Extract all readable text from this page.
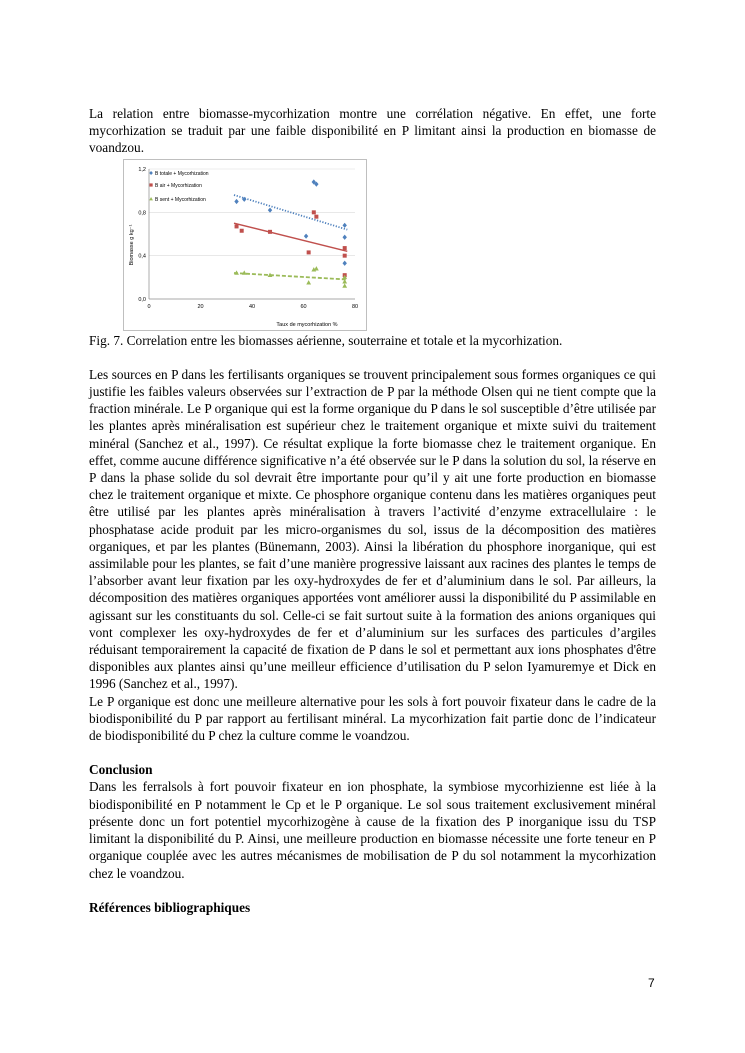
La relation entre biomasse-mycorhization montre une corrélation négative. En effet, une forte mycorhization se traduit par une faible disponibilité en P limitant ainsi la production en biomasse de voandzou.

0,0
0,4
0,8
1,2
0	20	40	60	80
B totale + Mycorhization
B air + Mycorhization
B sent + Mycorhization
Biomasse g kg⁻¹
Taux de mycorhization %

Fig. 7. Correlation entre les biomasses aérienne, souterraine et totale et la mycorhization.

Les sources en P dans les fertilisants organiques se trouvent principalement sous formes organiques ce qui justifie les faibles valeurs observées sur l’extraction de P par la méthode Olsen qui ne tient compte que la fraction minérale. Le P organique qui est la forme organique du P dans le sol susceptible d’être utilisée par les plantes après minéralisation est supérieur chez le traitement organique et mixte suivi du traitement minéral (Sanchez et al., 1997). Ce résultat explique la forte biomasse chez le traitement organique. En effet, comme aucune différence significative n’a été observée sur le P dans la solution du sol, la réserve en P dans la phase solide du sol devrait être importante pour qu’il y ait une forte production en biomasse chez le traitement organique et mixte. Ce phosphore organique contenu dans les matières organiques peut être utilisé par les plantes après minéralisation à travers l’activité d’enzyme extracellulaire : le phosphatase acide produit par les micro-organismes du sol, issus de la décomposition des matières organiques, et par les plantes (Bünemann, 2003). Ainsi la libération du phosphore inorganique, qui est assimilable pour les plantes, se fait d’une manière progressive laissant aux racines des plantes le temps de l’absorber avant leur fixation par les oxy-hydroxydes de fer et d’aluminium dans le sol. Par ailleurs, la décomposition des matières organiques apportées vont améliorer aussi la disponibilité du P assimilable en agissant sur les constituants du sol. Celle-ci se fait surtout suite à la formation des anions organiques qui vont complexer les oxy-hydroxydes de fer et d’aluminium sur les surfaces des particules d’argiles réduisant temporairement la capacité de fixation de P dans le sol et permettant aux ions phosphates d'être disponibles aux plantes ainsi qu’une meilleur efficience d’utilisation du P selon Iyamuremye et Dick en 1996 (Sanchez et al., 1997).

Le P organique est donc une meilleure alternative pour les sols à fort pouvoir fixateur dans le cadre de la biodisponibilité du P par rapport au fertilisant minéral. La mycorhization fait partie donc de l’indicateur de biodisponibilité du P chez la culture comme le voandzou.

Conclusion

Dans les ferralsols à fort pouvoir fixateur en ion phosphate, la symbiose mycorhizienne est liée à la biodisponibilité en P notamment le Cp et le P organique. Le sol sous traitement exclusivement minéral présente donc un fort potentiel mycorhizogène à cause de la fixation des P inorganique issu du TSP limitant la disponibilité du P. Ainsi, une meilleure production en biomasse nécessite une forte teneur en P organique couplée avec les autres mécanismes de mobilisation de P du sol notamment la mycorhization chez le voandzou.

Références bibliographiques

7
